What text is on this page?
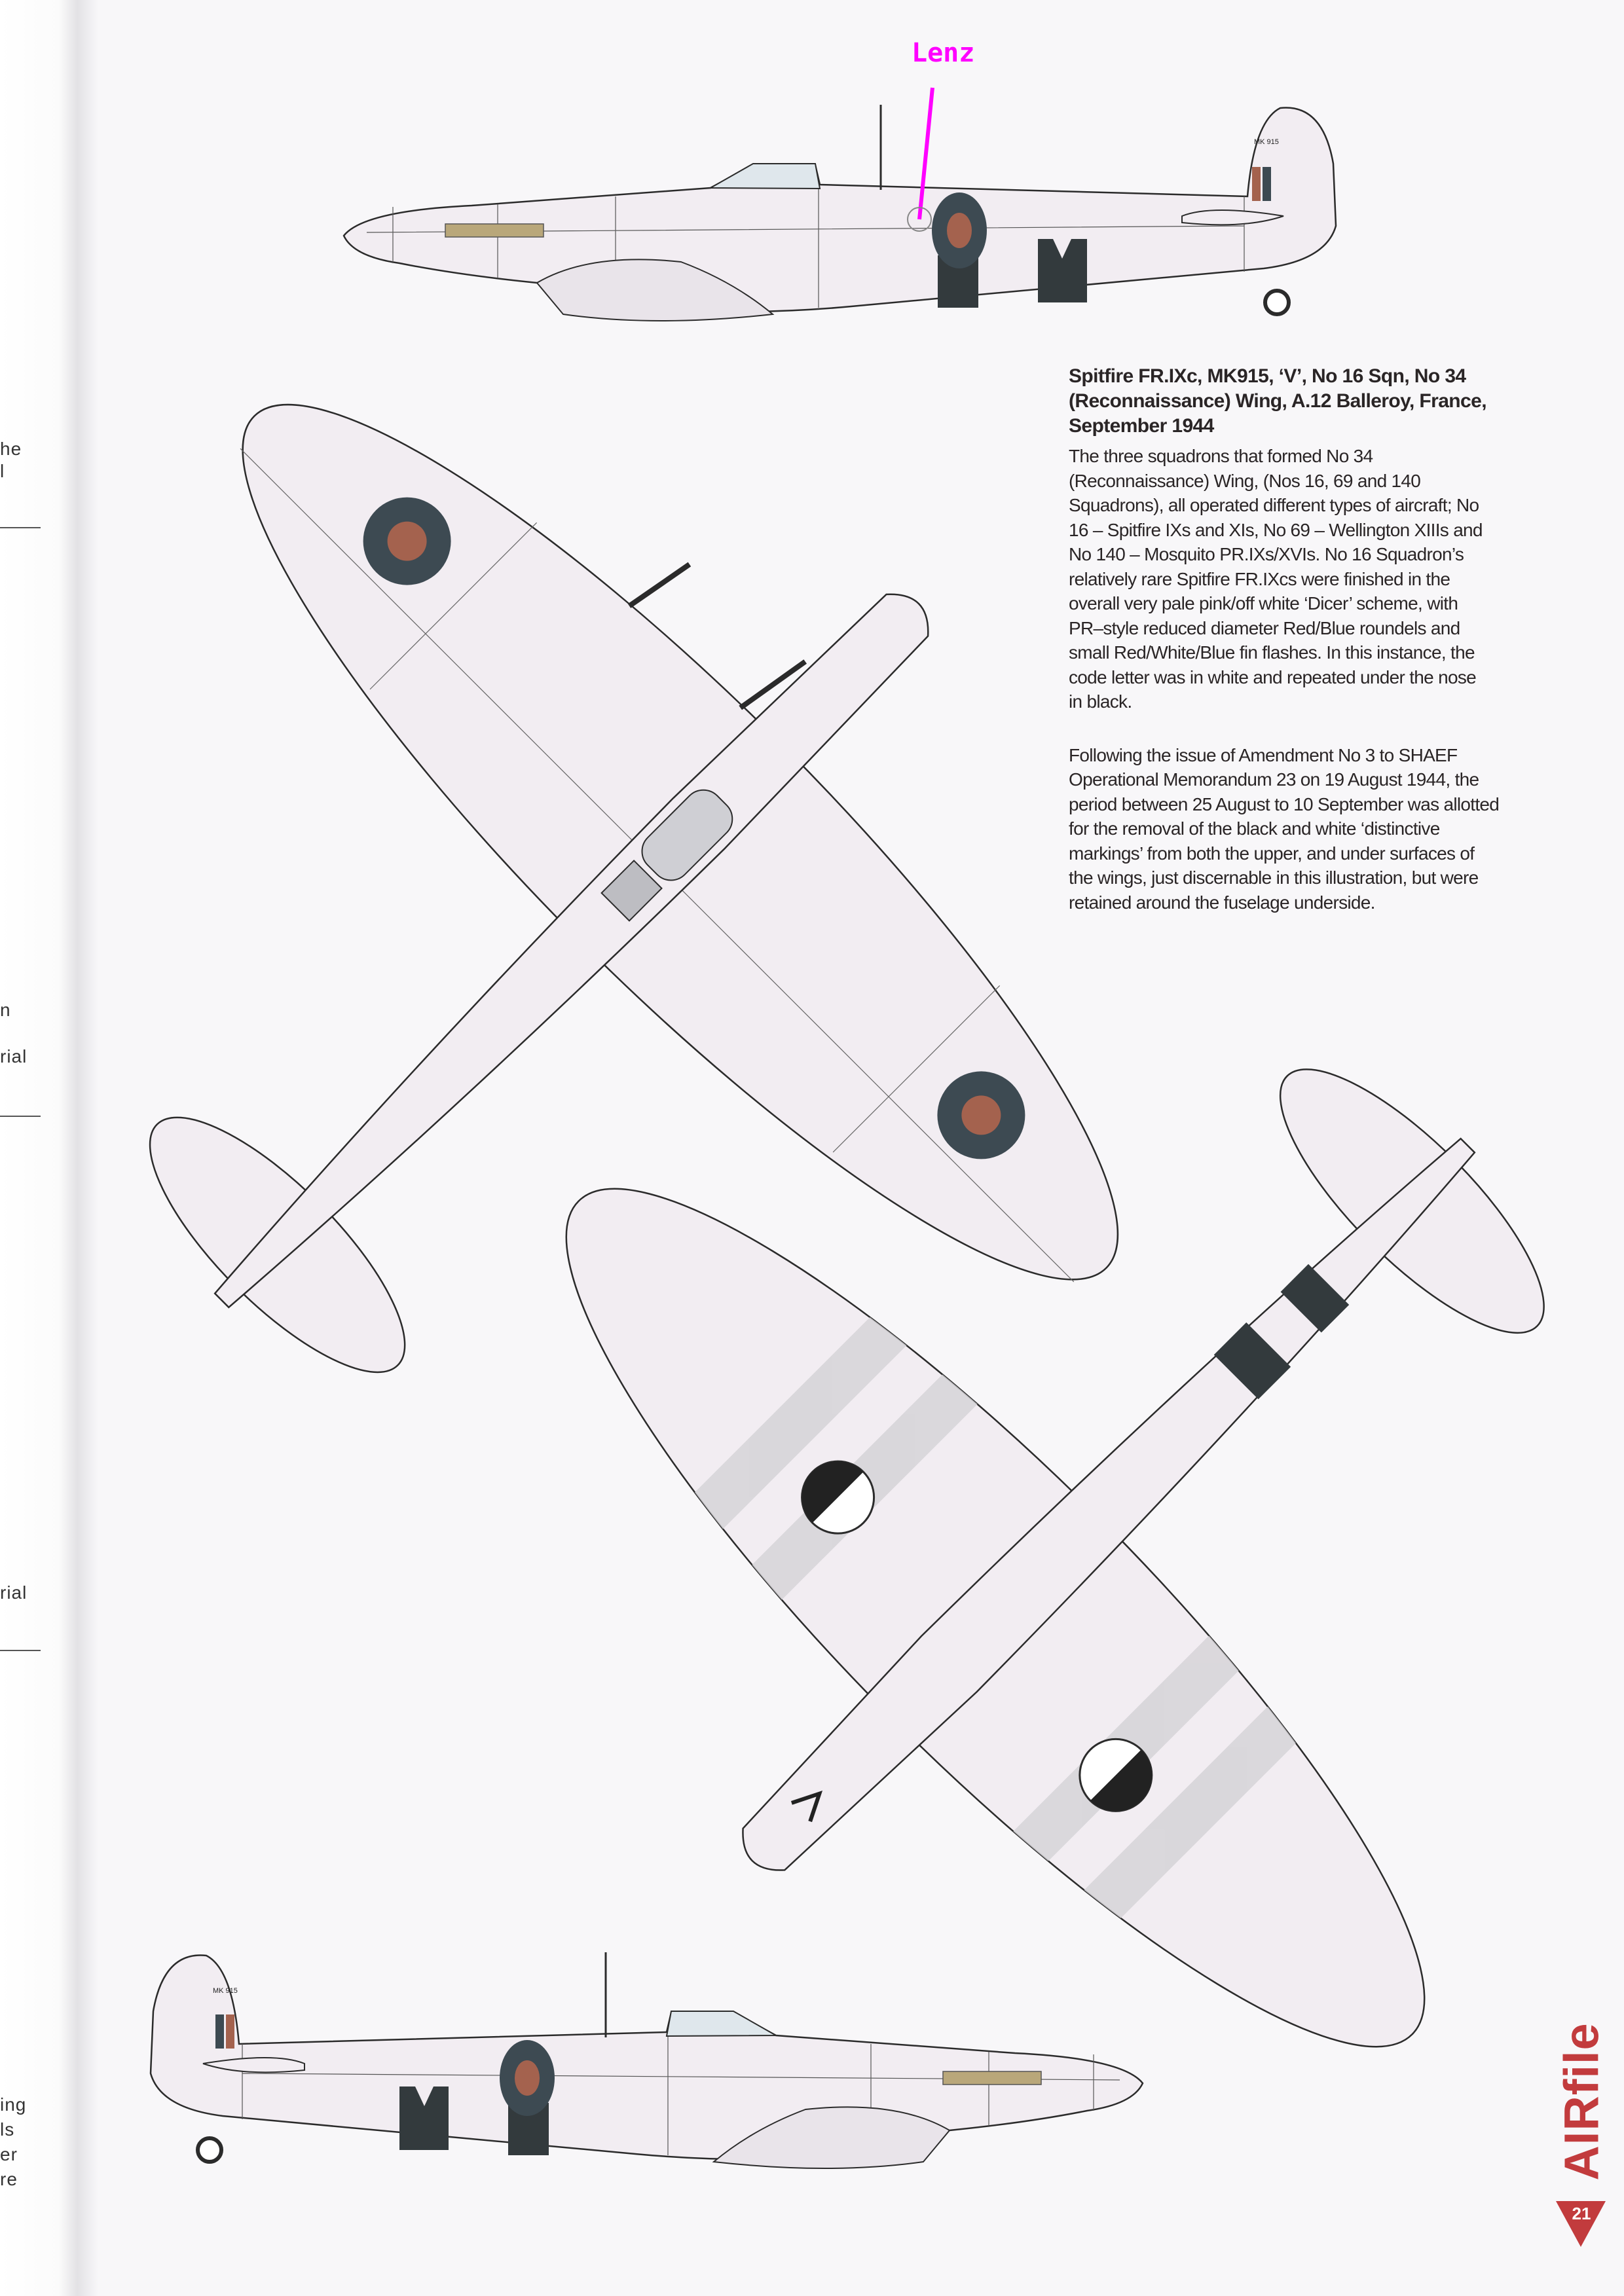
he
l
n
rial
rial
ing
ls
er
re
MK 915
MK 915
Lenz
Spitfire FR.IXc, MK915, ‘V’, No 16 Sqn, No 34
(Reconnaissance) Wing, A.12 Balleroy, France,
September 1944

The three squadrons that formed No 34
(Reconnaissance) Wing, (Nos 16, 69 and 140
Squadrons), all operated different types of aircraft; No
16 – Spitfire IXs and XIs, No 69 – Wellington XIIIs and
No 140 – Mosquito PR.IXs/XVIs. No 16 Squadron’s
relatively rare Spitfire FR.IXcs were finished in the
overall very pale pink/off white ‘Dicer’ scheme, with
PR–style reduced diameter Red/Blue roundels and
small Red/White/Blue fin flashes. In this instance, the
code letter was in white and repeated under the nose
in black.

Following the issue of Amendment No 3 to SHAEF
Operational Memorandum 23 on 19 August 1944, the
period between 25 August to 10 September was allotted
for the removal of the black and white ‘distinctive
markings’ from both the upper, and under surfaces of
the wings, just discernable in this illustration, but were
retained around the fuselage underside.

AIRfile
21
